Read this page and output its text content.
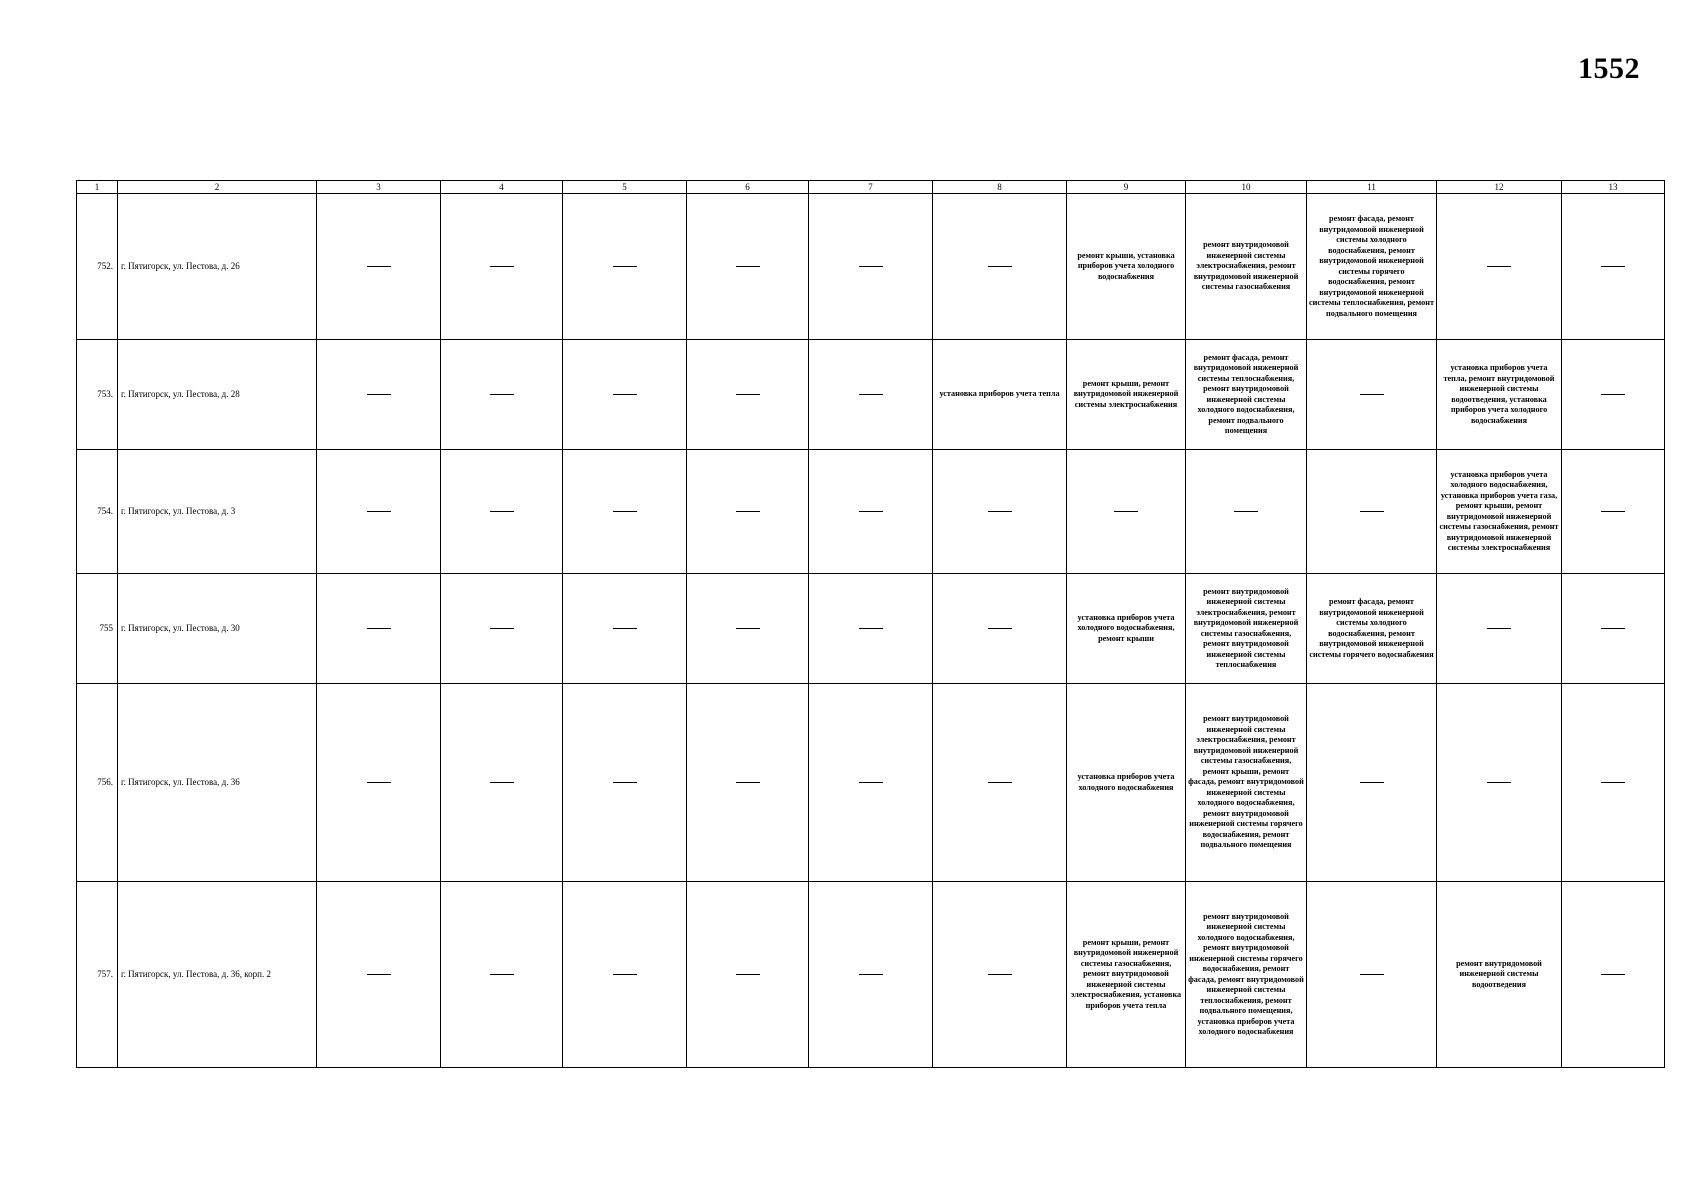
1552
1	2	3	4	5	6	7	8	9	10	11	12	13
752.	г. Пятигорск, ул. Пестова, д. 26							ремонт крыши, установка приборов учета холодного водоснабжения	ремонт внутридомовой инженерной системы электроснабжения, ремонт внутридомовой инженерной системы газоснабжения	ремонт фасада, ремонт внутридомовой инженерной системы холодного водоснабжения, ремонт внутридомовой инженерной системы горячего водоснабжения, ремонт внутридомовой инженерной системы теплоснабжения, ремонт подвального помещения		

753.	г. Пятигорск, ул. Пестова, д. 28						установка приборов учета тепла	ремонт крыши, ремонт внутридомовой инженерной системы электроснабжения	ремонт фасада, ремонт внутридомовой инженерной системы теплоснабжения, ремонт внутридомовой инженерной системы холодного водоснабжения, ремонт подвального помещения		установка приборов учета тепла, ремонт внутридомовой инженерной системы водоотведения, установка приборов учета холодного водоснабжения	

754.	г. Пятигорск, ул. Пестова, д. 3										установка приборов учета холодного водоснабжения, установка приборов учета газа, ремонт крыши, ремонт внутридомовой инженерной системы газоснабжения, ремонт внутридомовой инженерной системы электроснабжения	

755	г. Пятигорск, ул. Пестова, д. 30							установка приборов учета холодного водоснабжения, ремонт крыши	ремонт внутридомовой инженерной системы электроснабжения, ремонт внутридомовой инженерной системы газоснабжения, ремонт внутридомовой инженерной системы теплоснабжения	ремонт фасада, ремонт внутридомовой инженерной системы холодного водоснабжения, ремонт внутридомовой инженерной системы горячего водоснабжения		

756.	г. Пятигорск, ул. Пестова, д. 36							установка приборов учета холодного водоснабжения	ремонт внутридомовой инженерной системы электроснабжения, ремонт внутридомовой инженерной системы газоснабжения, ремонт крыши, ремонт фасада, ремонт внутридомовой инженерной системы холодного водоснабжения, ремонт внутридомовой инженерной системы горячего водоснабжения, ремонт подвального помещения			

757.	г. Пятигорск, ул. Пестова, д. 36, корп. 2							ремонт крыши, ремонт внутридомовой инженерной системы газоснабжения, ремонт внутридомовой инженерной системы электроснабжения, установка приборов учета тепла	ремонт внутридомовой инженерной системы холодного водоснабжения, ремонт внутридомовой инженерной системы горячего водоснабжения, ремонт фасада, ремонт внутридомовой инженерной системы теплоснабжения, ремонт подвального помещения, установка приборов учета холодного водоснабжения		ремонт внутридомовой инженерной системы водоотведения	
